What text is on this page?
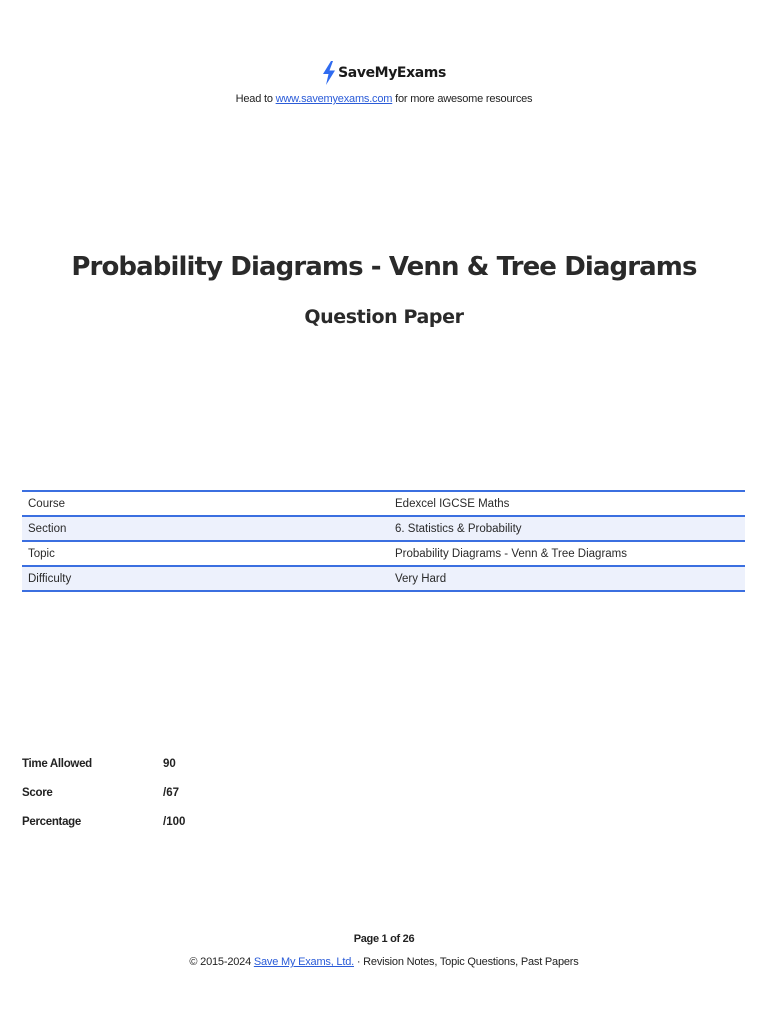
SaveMyExams
Head to www.savemyexams.com for more awesome resources
Probability Diagrams - Venn & Tree Diagrams
Question Paper
Course	Edexcel IGCSE Maths
Section	6. Statistics & Probability
Topic	Probability Diagrams - Venn & Tree Diagrams
Difficulty	Very Hard
Time Allowed	90
Score	/67
Percentage	/100
Page 1 of 26
© 2015-2024 Save My Exams, Ltd. · Revision Notes, Topic Questions, Past Papers
